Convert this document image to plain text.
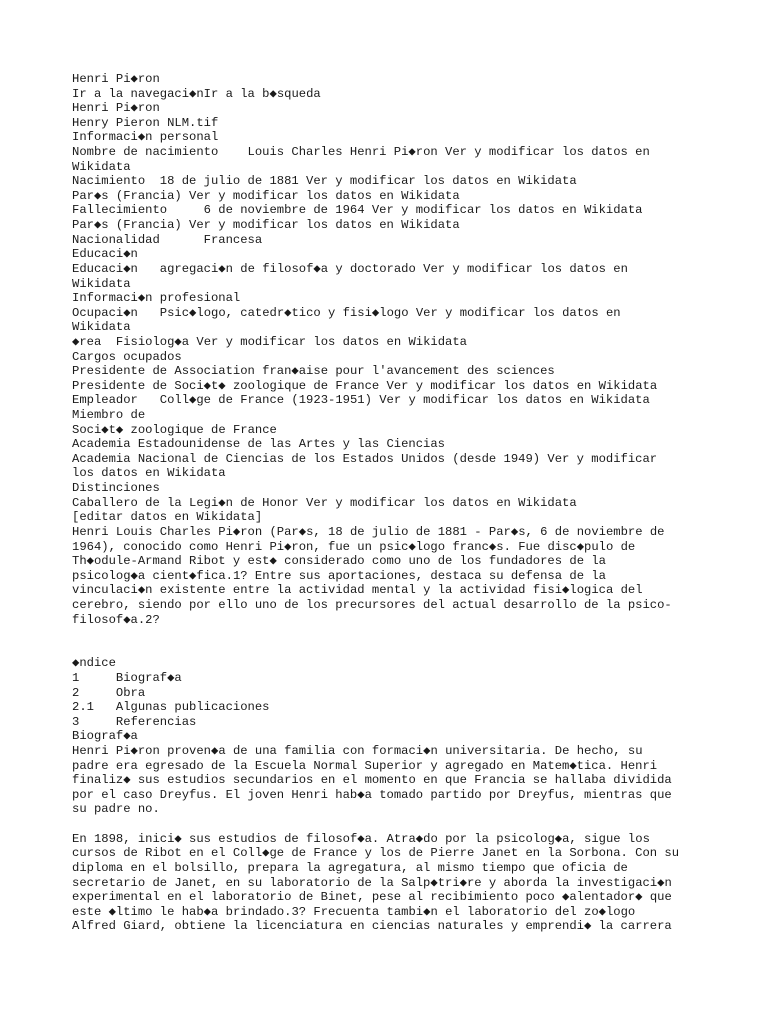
Henri Pi◆ron
Ir a la navegaci◆nIr a la b◆squeda
Henri Pi◆ron
Henry Pieron NLM.tif
Informaci◆n personal
Nombre de nacimiento    Louis Charles Henri Pi◆ron Ver y modificar los datos en
Wikidata
Nacimiento  18 de julio de 1881 Ver y modificar los datos en Wikidata
Par◆s (Francia) Ver y modificar los datos en Wikidata
Fallecimiento     6 de noviembre de 1964 Ver y modificar los datos en Wikidata
Par◆s (Francia) Ver y modificar los datos en Wikidata
Nacionalidad      Francesa
Educaci◆n
Educaci◆n   agregaci◆n de filosof◆a y doctorado Ver y modificar los datos en
Wikidata
Informaci◆n profesional
Ocupaci◆n   Psic◆logo, catedr◆tico y fisi◆logo Ver y modificar los datos en
Wikidata
◆rea  Fisiolog◆a Ver y modificar los datos en Wikidata
Cargos ocupados
Presidente de Association fran◆aise pour l'avancement des sciences
Presidente de Soci◆t◆ zoologique de France Ver y modificar los datos en Wikidata
Empleador   Coll◆ge de France (1923-1951) Ver y modificar los datos en Wikidata
Miembro de
Soci◆t◆ zoologique de France
Academia Estadounidense de las Artes y las Ciencias
Academia Nacional de Ciencias de los Estados Unidos (desde 1949) Ver y modificar
los datos en Wikidata
Distinciones
Caballero de la Legi◆n de Honor Ver y modificar los datos en Wikidata
[editar datos en Wikidata]
Henri Louis Charles Pi◆ron (Par◆s, 18 de julio de 1881 - Par◆s, 6 de noviembre de
1964), conocido como Henri Pi◆ron, fue un psic◆logo franc◆s. Fue disc◆pulo de
Th◆odule-Armand Ribot y est◆ considerado como uno de los fundadores de la
psicolog◆a cient◆fica.1? Entre sus aportaciones, destaca su defensa de la
vinculaci◆n existente entre la actividad mental y la actividad fisi◆logica del
cerebro, siendo por ello uno de los precursores del actual desarrollo de la psico-
filosof◆a.2?
◆ndice
1     Biograf◆a
2     Obra
2.1   Algunas publicaciones
3     Referencias
Biograf◆a
Henri Pi◆ron proven◆a de una familia con formaci◆n universitaria. De hecho, su
padre era egresado de la Escuela Normal Superior y agregado en Matem◆tica. Henri
finaliz◆ sus estudios secundarios en el momento en que Francia se hallaba dividida
por el caso Dreyfus. El joven Henri hab◆a tomado partido por Dreyfus, mientras que
su padre no.
En 1898, inici◆ sus estudios de filosof◆a. Atra◆do por la psicolog◆a, sigue los
cursos de Ribot en el Coll◆ge de France y los de Pierre Janet en la Sorbona. Con su
diploma en el bolsillo, prepara la agregatura, al mismo tiempo que oficia de
secretario de Janet, en su laboratorio de la Salp◆tri◆re y aborda la investigaci◆n
experimental en el laboratorio de Binet, pese al recibimiento poco ◆alentador◆ que
este ◆ltimo le hab◆a brindado.3? Frecuenta tambi◆n el laboratorio del zo◆logo
Alfred Giard, obtiene la licenciatura en ciencias naturales y emprendi◆ la carrera
